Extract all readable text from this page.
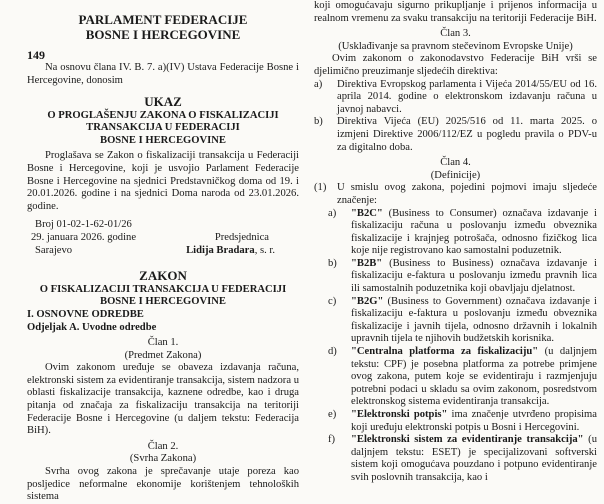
PARLAMENT FEDERACIJE

BOSNE I HERCEGOVINE

149

Na osnovu člana IV. B. 7. a)(IV) Ustava Federacije Bosne i Hercegovine, donosim

UKAZ

O PROGLAŠENJU ZAKONA O FISKALIZACIJI

TRANSAKCIJA U FEDERACIJI

BOSNE I HERCEGOVINE

Proglašava se Zakon o fiskalizaciji transakcija u Federaciji Bosne i Hercegovine, koji je usvojio Parlament Federacije Bosne i Hercegovine na sjednici Predstavničkog doma od 19. i 20.01.2026. godine i na sjednici Doma naroda od 23.01.2026. godine.

Broj 01-02-1-62-01/26

29. januara 2026. godine	Predsjednica
Sarajevo	Lidija Bradara, s. r.

ZAKON

O FISKALIZACIJI TRANSAKCIJA U FEDERACIJI

BOSNE I HERCEGOVINE

I. OSNOVNE ODREDBE

Odjeljak A. Uvodne odredbe

Član 1.

(Predmet Zakona)

Ovim zakonom uređuje se obaveza izdavanja računa, elektronski sistem za evidentiranje transakcija, sistem nadzora u oblasti fiskalizacije transakcija, kaznene odredbe, kao i druga pitanja od značaja za fiskalizaciju transakcija na teritoriji Federacije Bosne i Hercegovine (u daljem tekstu: Federacija BiH).

Član 2.

(Svrha Zakona)

Svrha ovog zakona je sprečavanje utaje poreza kao posljedice neformalne ekonomije korištenjem tehnoloških sistema

koji omogućavaju sigurno prikupljanje i prijenos informacija u realnom vremenu za svaku transakciju na teritoriji Federacije BiH.

Član 3.

(Usklađivanje sa pravnom stečevinom Evropske Unije)

Ovim zakonom o zakonodavstvo Federacije BiH vrši se djelimično preuzimanje sljedećih direktiva:

a)	Direktiva Evropskog parlamenta i Vijeća 2014/55/EU od 16. aprila 2014. godine o elektronskom izdavanju računa u javnoj nabavci.
b)	Direktiva Vijeća (EU) 2025/516 od 11. marta 2025. o izmjeni Direktive 2006/112/EZ u pogledu pravila o PDV-u za digitalno doba.

Član 4.

(Definicije)

(1)	U smislu ovog zakona, pojedini pojmovi imaju sljedeće značenje:
a)	"B2C" (Business to Consumer) označava izdavanje i fiskalizaciju računa u poslovanju između obveznika fiskalizacije i krajnjeg potrošača, odnosno fizičkog lica koje nije registrovano kao samostalni poduzetnik.
b)	"B2B" (Business to Business) označava izdavanje i fiskalizaciju e-faktura u poslovanju između pravnih lica ili samostalnih poduzetnika koji obavljaju djelatnost.
c)	"B2G" (Business to Government) označava izdavanje i fiskalizaciju e-faktura u poslovanju između obveznika fiskalizacije i javnih tijela, odnosno državnih i lokalnih upravnih tijela te njihovih budžetskih korisnika.
d)	"Centralna platforma za fiskalizaciju" (u daljnjem tekstu: CPF) je posebna platforma za potrebe primjene ovog zakona, putem koje se evidentiraju i razmjenjuju potrebni podaci u skladu sa ovim zakonom, posredstvom elektronskog sistema evidentiranja transakcija.
e)	"Elektronski potpis" ima značenje utvrđeno propisima koji uređuju elektronski potpis u Bosni i Hercegovini.
f)	"Elektronski sistem za evidentiranje transakcija" (u daljnjem tekstu: ESET) je specijalizovani softverski sistem koji omogućava pouzdano i potpuno evidentiranje svih poslovnih transakcija, kao i
